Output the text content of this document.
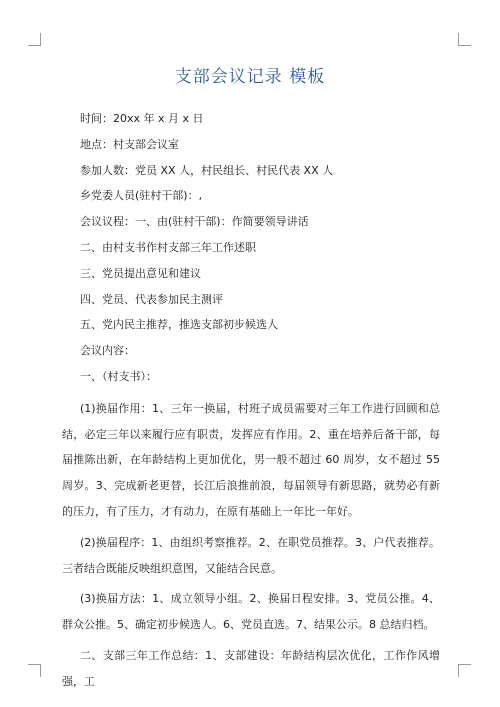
支部会议记录 模板
时间：20xx 年 x 月 x 日
地点：村支部会议室
参加人数：党员 XX 人，村民组长、村民代表 XX 人
乡党委人员(驻村干部)：,
会议议程：一、由(驻村干部)：作简要领导讲话
二、由村支书作村支部三年工作述职
三、党员提出意见和建议
四、党员、代表参加民主测评
五、党内民主推荐，推选支部初步候选人
会议内容：
一、（村支书）：
(1)换届作用：1、三年一换届，村班子成员需要对三年工作进行回顾和总结，必定三年以来履行应有职责，发挥应有作用。2、重在培养后备干部，每届推陈出新，在年龄结构上更加优化，男一般不超过 60 周岁，女不超过 55 周岁。3、完成新老更替，长江后浪推前浪，每届领导有新思路，就势必有新的压力，有了压力，才有动力，在原有基础上一年比一年好。
(2)换届程序：1、由组织考察推荐。2、在职党员推荐。3、户代表推荐。三者结合既能反映组织意图，又能结合民意。
(3)换届方法：1、成立领导小组。2、换届日程安排。3、党员公推。4、群众公推。5、确定初步候选人。6、党员直选。7、结果公示。8 总结归档。
二、支部三年工作总结：1、支部建设：年龄结构层次优化，工作作风增强，工
